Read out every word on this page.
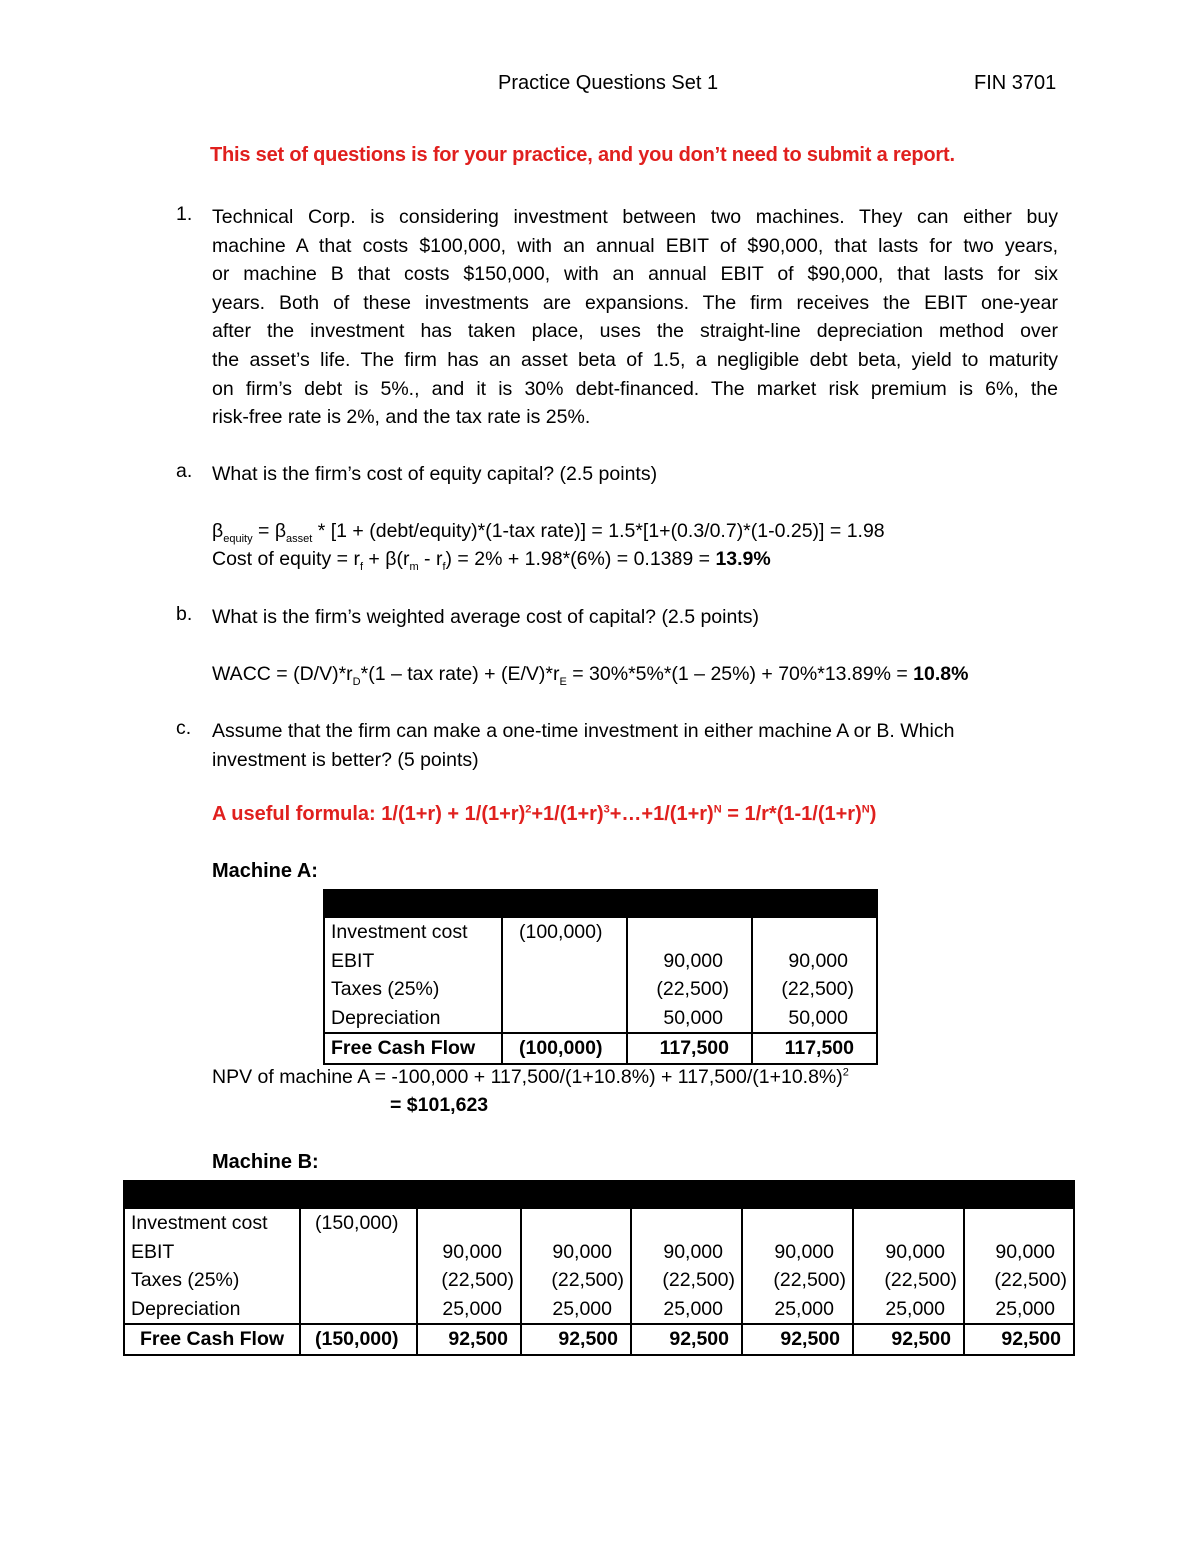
Practice Questions Set 1	FIN 3701
This set of questions is for your practice, and you don’t need to submit a report.
1. Technical Corp. is considering investment between two machines. They can either buy

machine A that costs $100,000, with an annual EBIT of $90,000, that lasts for two years,

or machine B that costs $150,000, with an annual EBIT of $90,000, that lasts for six

years. Both of these investments are expansions. The firm receives the EBIT one-year

after the investment has taken place, uses the straight-line depreciation method over

the asset’s life. The firm has an asset beta of 1.5, a negligible debt beta, yield to maturity

on firm’s debt is 5%., and it is 30% debt-financed. The market risk premium is 6%, the

risk-free rate is 2%, and the tax rate is 25%.

a. What is the firm’s cost of equity capital? (2.5 points)
$\beta_{equity} = \beta_{asset} * [1$ + (debt/equity)*(1-tax rate)] = 1.5*[1+(0.3/0.7)*(1-0.25)] = 1.98
Cost of equity = $r_f + \beta(r_m - r_f) = 2\% + 1.98*(6\%) = 0.1389 = 13.9\%$
b. What is the firm’s weighted average cost of capital? (2.5 points)
WACC = $(D/V)*r_D*(1$ – tax rate) + $(E/V)*r_E = 30\%*5\%*(1 - 25\%) + 70\%*13.89\% = 10.8\%$
c. Assume that the firm can make a one-time investment in either machine A or B. Which
investment is better? (5 points)
A useful formula: $1/(1+r) + 1/(1+r)^2+1/(1+r)^3+\dots+1/(1+r)^N = 1/r*(1-1/(1+r)^N)$
Machine A:

Investment cost	(100,000)		
EBIT		90,000	90,000
Taxes (25%)		(22,500)	(22,500)
Depreciation		50,000	50,000
Free Cash Flow	(100,000)	117,500	117,500
NPV of machine $A = -100,000 + 117,500/(1+10.8\%) + 117,500/(1+10.8\%)^2$
= $101,623
Machine B:

Investment cost	(150,000)						
EBIT		90,000	90,000	90,000	90,000	90,000	90,000
Taxes (25%)		(22,500)	(22,500)	(22,500)	(22,500)	(22,500)	(22,500)
Depreciation		25,000	25,000	25,000	25,000	25,000	25,000
Free Cash Flow	(150,000)	92,500	92,500	92,500	92,500	92,500	92,500
